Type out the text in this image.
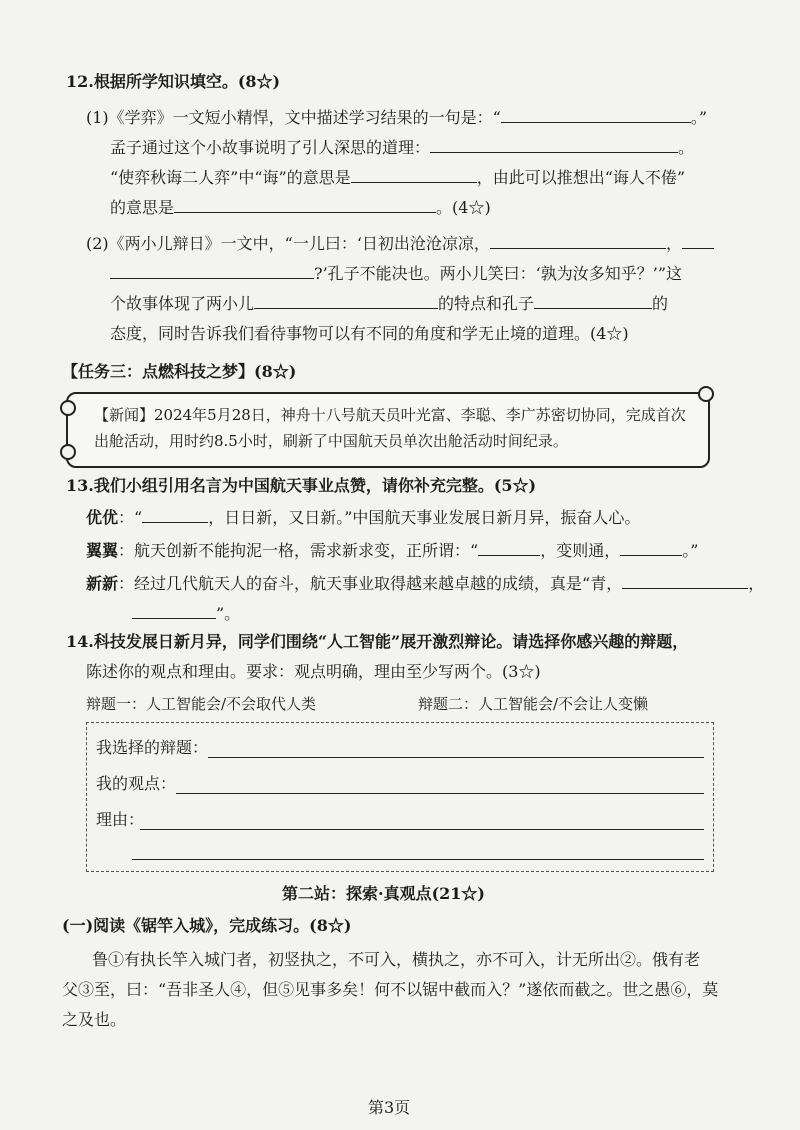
12.根据所学知识填空。(8☆)
(1)《学弈》一文短小精悍，文中描述学习结果的一句是：“	。”
孟子通过这个小故事说明了引人深思的道理：	。
“使弈秋诲二人弈”中“诲”的意思是	，由此可以推想出“诲人不倦”
的意思是	。(4☆)
(2)《两小儿辩日》一文中，“一儿曰：‘日初出沧沧凉凉，	，
?’孔子不能决也。两小儿笑曰：‘孰为汝多知乎？’”这
个故事体现了两小儿	的特点和孔子	的
态度，同时告诉我们看待事物可以有不同的角度和学无止境的道理。(4☆)
【任务三：点燃科技之梦】(8☆)
【新闻】2024年5月28日，神舟十八号航天员叶光富、李聪、李广苏密切协同，完成首次出舱活动，用时约8.5小时，刷新了中国航天员单次出舱活动时间纪录。
13.我们小组引用名言为中国航天事业点赞，请你补充完整。(5☆)
优优：“	，日日新，又日新。”中国航天事业发展日新月异，振奋人心。
翼翼：航天创新不能拘泥一格，需求新求变，正所谓：“	，变则通，	。”
新新：经过几代航天人的奋斗，航天事业取得越来越卓越的成绩，真是“青，	，
”。
14.科技发展日新月异，同学们围绕“人工智能”展开激烈辩论。请选择你感兴趣的辩题，
陈述你的观点和理由。要求：观点明确，理由至少写两个。(3☆)
辩题一：人工智能会/不会取代人类	辩题二：人工智能会/不会让人变懒
我选择的辩题：
我的观点：
理由：
第二站：探索·真观点(21☆)
(一)阅读《锯竿入城》，完成练习。(8☆)
鲁①有执长竿入城门者，初竖执之，不可入，横执之，亦不可入，计无所出②。俄有老
父③至，曰：“吾非圣人④，但⑤见事多矣！何不以锯中截而入？”遂依而截之。世之愚⑥，莫
之及也。
第3页
